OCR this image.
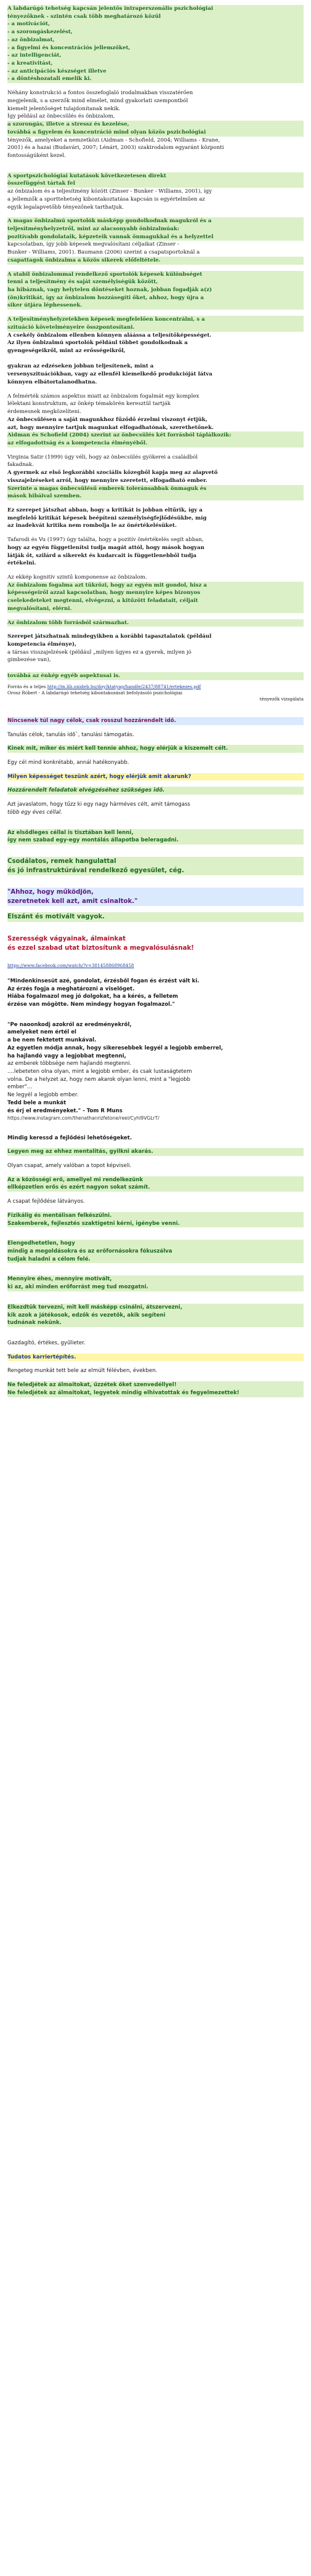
A labdarúgó tehetség kapcsán jelentős intraperszonális pszichológiai
tényezőknek - szintén csak több meghatározó közül
- a motivációt,
- a szorongáskezelést,
- az önbizalmat,
- a figyelmi és koncentrációs jellemzőket,
- az intelligenciát,
- a kreativitást,
- az anticipációs készséget illetve
- a döntéshozatali emelik ki.
Néhány konstrukció a fontos összefoglaló irodalmakban visszatérően
megjelenik, s a szerzők mind elmélet, mind gyakorlati szempontból
kiemelt jelentőséget tulajdonítanak nekik.
Így például az önbecsülés és önbizalom,
a szorongás, illetve a stressz és kezelése,
továbbá a figyelem és koncentráció mind olyan közös pszichológiai
tényezők, amelyeket a nemzetközi (Aidman - Schofield, 2004; Williams - Krane,
2001) és a hazai (Budavári, 2007; Lénárt, 2003) szakirodalom egyaránt központi
fontosságúként kezel.
A sportpszichológiai kutatások következetesen direkt
összefüggést tártak fel
az önbizalom és a teljesítmény között (Zinser - Bunker - Williams, 2001), így
a jellemzők a sporttehetség kibontakoztatása kapcsán is egyértelműen az
egyik legalapvetőbb tényezőnek tarthatjuk.
A magas önbizalmú sportolók másképp gondolkodnak magukról és a
teljesítményhelyzetről, mint az alacsonyabb önbizalmúak:
pozitívabb gondolataik, képzeteik vannak önmagukkal és a helyzettel
kapcsolatban, így jobb képesek megvalósítani céljaikat (Zinser -
Bunker - Williams, 2001). Baumann (2006) szerint a csapatsportoknál a
csapattagok önbizalma a közös sikerek előfeltétele.
A stabil önbizalommal rendelkező sportolók képesek különbséget
tenni a teljesítmény és saját személyiségük között,
ha hibáznak, vagy helytelen döntéseket hoznak, jobban fogadják a(z)
(ön)kritikát, így az önbizalom hozzásegíti őket, ahhoz, hogy újra a
siker útjára léphessenek.
A teljesítményhelyzetekben képesek megfelelően koncentrálni, s a
szituáció követelményeire összpontosítani.
A csekély önbizalom ellenben könnyen aláássa a teljesítőképességet.
Az ilyen önbizalmú sportolók például többet gondolkodnak a
gyengeségeikről, mint az erősségeikről,

gyakran az edzéseken jobban teljesítenek, mint a
versenyszituációkban, vagy az ellenfél kiemelkedő produkcióját látva
könnyen elbátortalanodhatna.
A felmérték számos aspektus miatt az önbizalom fogalmát egy komplex
lélektani konstruktum, az önkép témakörén keresztül tartják
érdemesnek megközelíteni.
Az önbecsülésen a saját magunkhoz fűződő érzelmi viszonyt értjük,
azt, hogy mennyire tartjuk magunkat elfogadhatónak, szerethetőnek.
Aidman és Schofield (2004) szerint az önbecsülés két forrásból táplálkozik:
az elfogadottság és a kompetencia élményéből.
Virginia Satir (1999) úgy véli, hogy az önbecsülés gyökerei a családból
fakadnak.
A gyermek az első legkorábbi szociális közegből kapja meg az alapvető
visszajelzéseket arról, hogy mennyire szeretett, elfogadható ember.
Szerinte a magas önbecsülésű emberek toleránsabbak önmaguk és
mások hibáival szemben.
Ez szerepet játszhat abban, hogy a kritikát is jobban eltűrik, így a
megfelelő kritikát képesek beépíteni személyiségfejlődésükbe, míg
az inadekvát kritika nem rombolja le az önértékelésüket.
Tafarodi és Vu (1997) úgy találta, hogy a pozitív önértékelés segít abban,
hogy az egyén függetlenítsi tudja magát attól, hogy mások hogyan
látják őt, szilárd a sikerekt és kudarcait is függetlenebből tudja
értékelni.
Az ekkép kognitív szintű komponense az önbizalom.
Az önbizalom fogalma azt tükrözi, hogy az egyén mit gondol, hisz a
képességeiről azzal kapcsolatban, hogy mennyire képes bizonyos
cselekedeteket megtenni, elvégezni, a kitűzött feladatait, céljait
megvalósítani, elérni.
Az önbizalom több forrásból származhat.
Szerepet játszhatnak mindegyikben a korábbi tapasztalatok (például
kompetencia élménye),
a társas visszajelzések (például „milyen ügyes ez a gyerek, milyen jó
gimbezése van),

továbbá az énkép egyéb aspektusai is.
Forrás és a teljes http://m.lib.unideb.hu/doy/ktatyap/handle/2437/88741/ertekezes.pdf
Orosz Róbert - A labdarúgó tehetség kibontakozását befolyásoló pszichológiai
tényezők vizsgálata
Nincsenek túl nagy célok, csak rosszul hozzárendelt idő.
Tanulás célok, tanulás idő`, tanulási támogatás.
Kinek mit, miker és miért kell tennie ahhoz, hogy elérjük a kiszemelt célt.
Egy cél mind konkrétabb, annál hatékonyabb.
Milyen képességet teszünk azért, hogy elérjük amit akarunk?
Hozzárendelt feladatok elvégzéséhez szükséges idő.
Azt javaslatom, hogy tűzz ki egy nagy hárméves célt, amit támogass
több egy éves céllal.
Az elsődleges céllal is tisztában kell lenni,
így nem szabad egy-egy montálás állapotba beleragadni.
Csodálatos, remek hangulattal
és jó infrastruktúrával rendelkező egyesület, cég.
"Ahhoz, hogy működjön,
szeretnetek kell azt, amit csinaltok."
Elszánt és motivált vagyok.
Szerességk vágyainak, álmainkat
és ezzel szabad utat biztosítunk a megvalósulásnak!
https://www.facebook.com/watch/?v=381458868968458
"Mindenkinsesüt azé, gondolat, érzésből fogan és érzést vált ki.
Az érzés fogja a meghatározni a viselőget.
Hiába fogalmazol meg jó dolgokat, ha a kérés, a felletem
érzése van mögötte. Nem mindegy hogyan fogalmazol."
"Pe naoonkodj azokról az eredményekről,
amelyeket nem értél el
a be nem fektetett munkával.
Az egyetlen módja annak, hogy sikeresebbek legyél a legjobb emberrel,
ha hajlandó vagy a legjobbat megtenni,
az emberek többsége nem hajlandó megtenni.
....lebeteten olna olyan, mint a legjobb ember, és csak lustaságtetem
volna. De a helyzet az, hogy nem akarok olyan lenni, mint a "legjobb
ember"...
Ne legyél a legjobb ember.
Tedd bele a munkát
és érj el eredményeket." - Tom R Muns
https://www.instagram.com/thenathanrizfetone/reel/Cyhl9VGLrT/
Mindig keressd a fejlődési lehetőségeket.
Legyen meg az ehhez mentalitás, gyilkni akarás.
Olyan csapat, amely valóban a topot képviseli.
Az a közösségi erő, amellyel mi rendelkezünk
ellképzetlen erős és ezért nagyon sokat számít.
A csapat fejlődése látványos.
Fizikálig és mentálisan felkészülni.
Szakemberek, fejlesztés szaktigetni kérni, igénybe venni.
Elengedhetetlen, hogy
mindig a megoldásokra és az erőfornásokra fókuszálva
tudjak haladni a célom felé.
Mennyire éhes, mennyire motivált,
ki az, aki minden erőforrást meg tud mozgatni.
Elkezdtük tervezni, mit kell másképp csinálni, átszervezni,
kik azok a játékosok, edzők és vezetők, akik segíteni
tudnának nekünk.
Gazdagító, értékes, gyűlieter.
Tudatos karriertépítés.
Rengeteg munkát tett bele az elmúlt félévben, években.
Ne feledjétek az álmaitokat, űzzétek őket szenvedéllyel!
Ne feledjétek az álmaitokat, legyetek mindig elhivatottak és fegyelmezettek!
